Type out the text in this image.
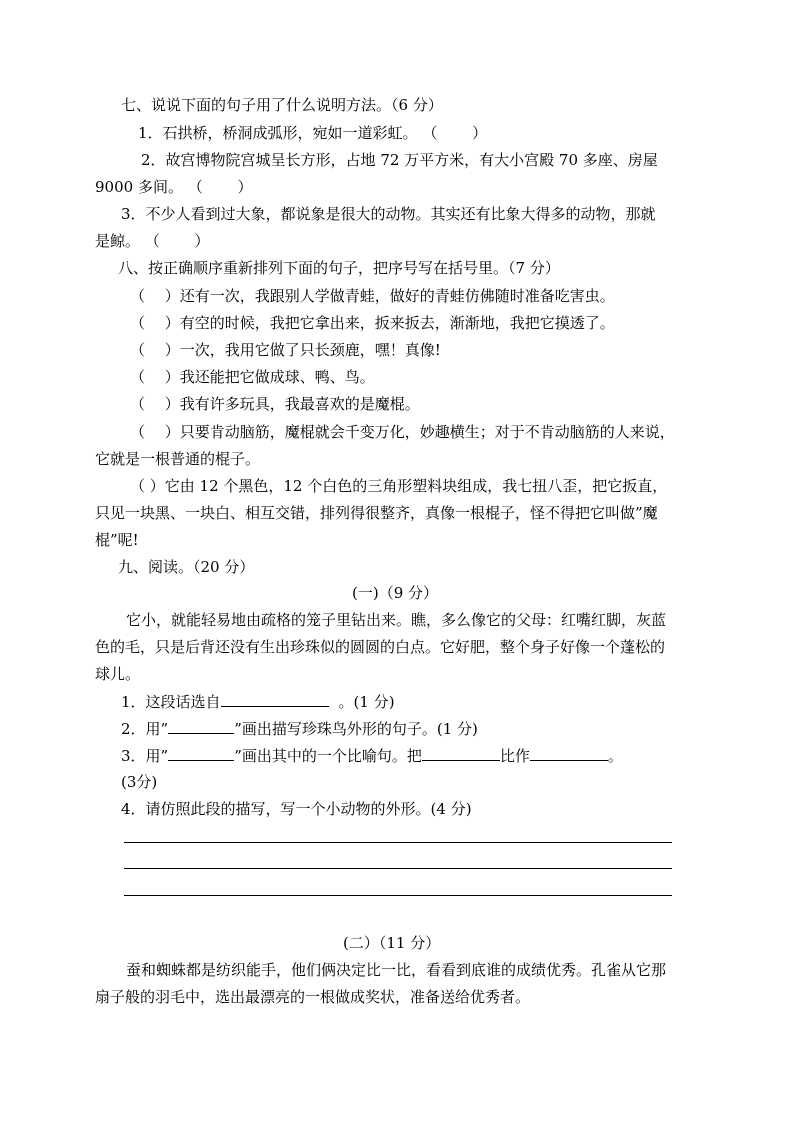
七、说说下面的句子用了什么说明方法。（6 分）
1．石拱桥，桥洞成弧形，宛如一道彩虹。 （　　 ）
2．故宫博物院宫城呈长方形，占地 72 万平方米，有大小宫殿 70 多座、房屋
9000 多间。 （　　 ）
3．不少人看到过大象，都说象是很大的动物。其实还有比象大得多的动物，那就
是鲸。 （　　 ）
八、按正确顺序重新排列下面的句子，把序号写在括号里。（7 分）
（　 ）还有一次，我跟别人学做青蛙，做好的青蛙仿佛随时准备吃害虫。
（　 ）有空的时候，我把它拿出来，扳来扳去，渐渐地，我把它摸透了。
（　 ）一次，我用它做了只长颈鹿，嘿！真像!
（　 ）我还能把它做成球、鸭、鸟。
（　 ）我有许多玩具，我最喜欢的是魔棍。
（　 ）只要肯动脑筋，魔棍就会千变万化，妙趣横生；对于不肯动脑筋的人来说，
它就是一根普通的棍子。
（ ）它由 12 个黑色，12 个白色的三角形塑料块组成，我七扭八歪，把它扳直，
只见一块黑、一块白、相互交错，排列得很整齐，真像一根棍子，怪不得把它叫做”魔
棍”呢!
九、阅读。（20 分）
(一)（9 分）
它小，就能轻易地由疏格的笼子里钻出来。瞧，多么像它的父母：红嘴红脚，灰蓝
色的毛，只是后背还没有生出珍珠似的圆圆的白点。它好肥，整个身子好像一个蓬松的
球儿。
1．这段话选自	。(1 分)
2．用”	”画出描写珍珠鸟外形的句子。(1 分)
3．用”	”画出其中的一个比喻句。把	比作	。
(3分)
4．请仿照此段的描写，写一个小动物的外形。(4 分)
(二）（11 分）
蚕和蜘蛛都是纺织能手，他们俩决定比一比，看看到底谁的成绩优秀。孔雀从它那
扇子般的羽毛中，选出最漂亮的一根做成奖状，准备送给优秀者。
